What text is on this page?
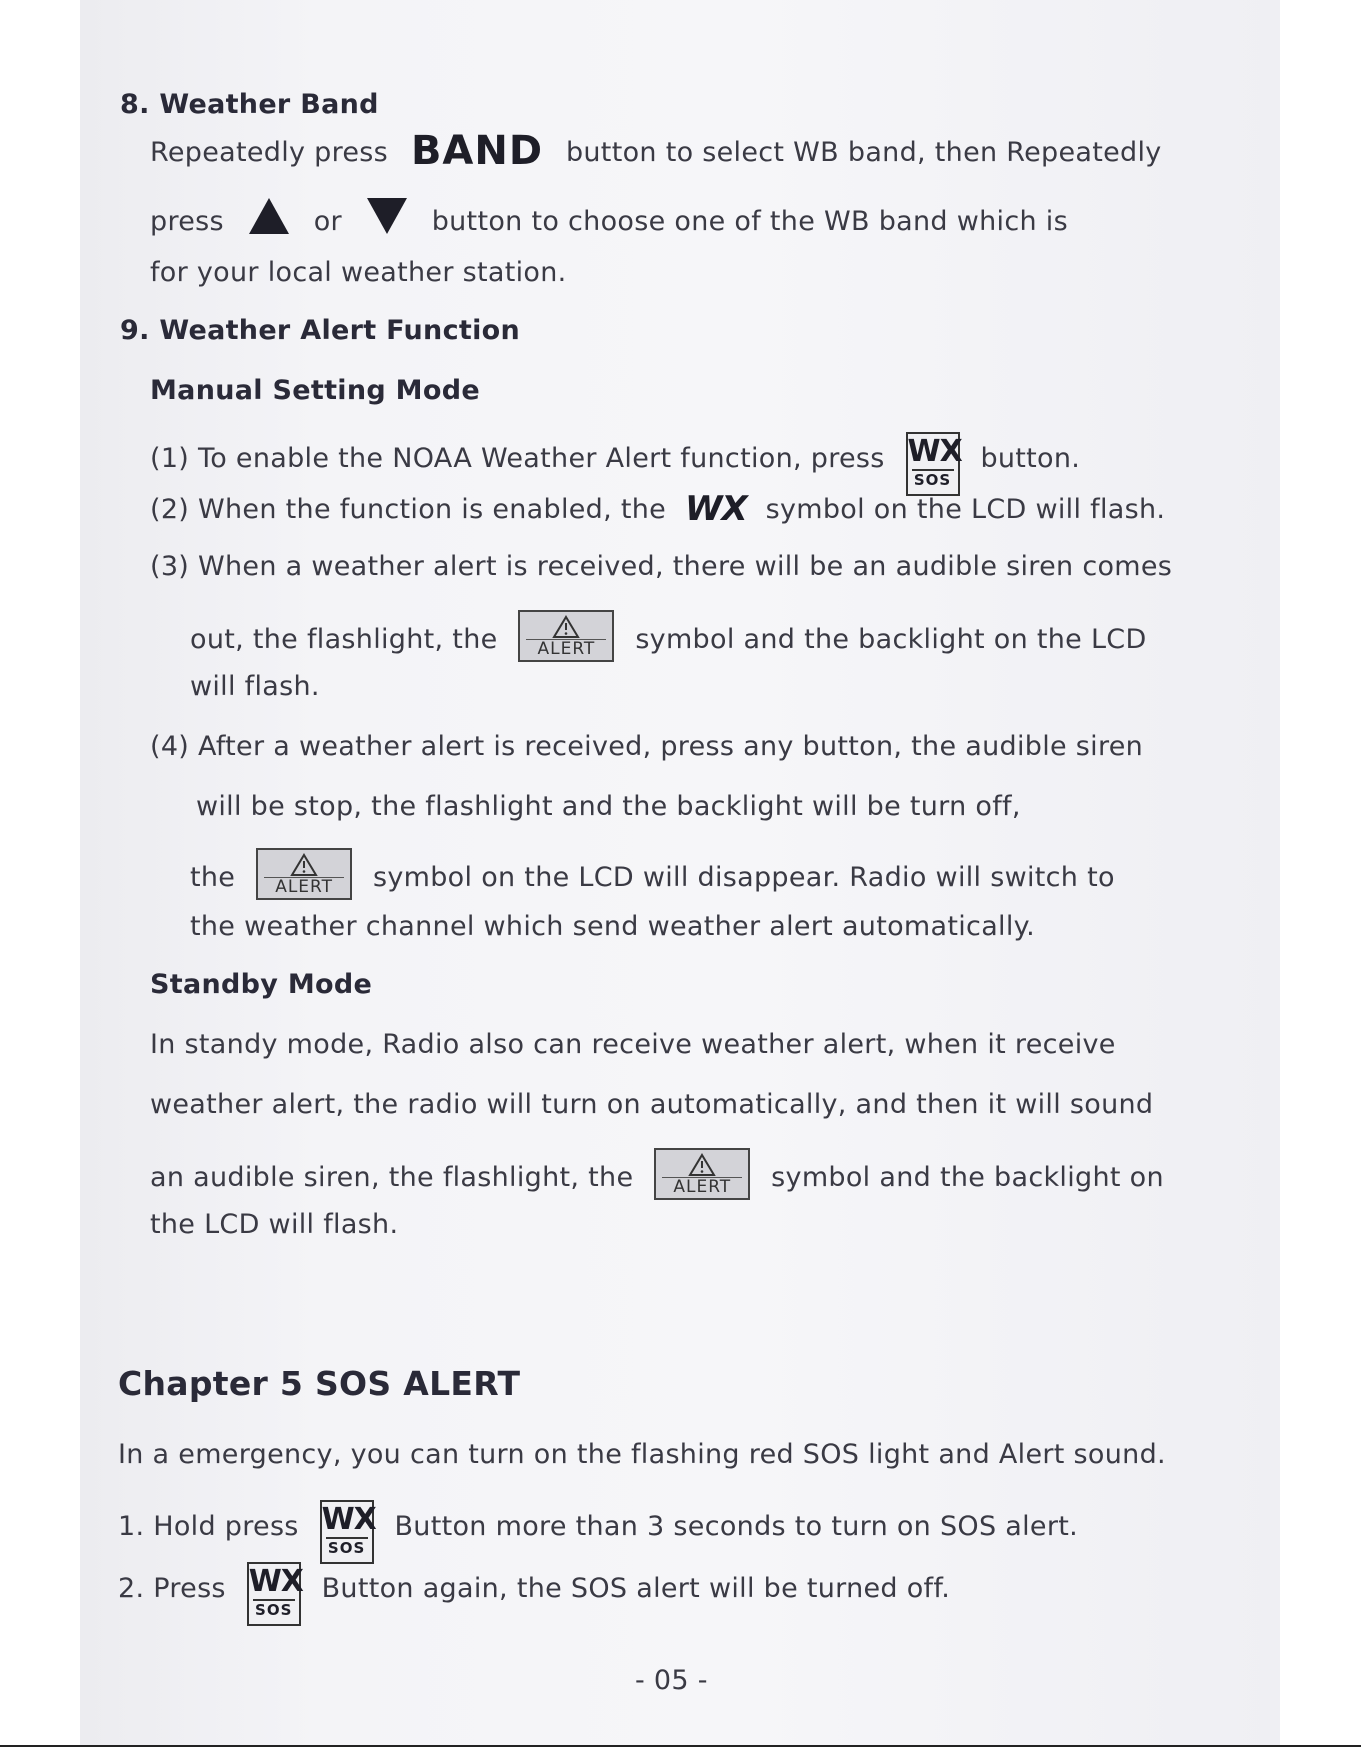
8. Weather Band
Repeatedly press BAND button to select WB band, then Repeatedly
press	or	button to choose one of the WB band which is
for your local weather station.
9. Weather Alert Function
Manual Setting Mode
(1) To enable the NOAA Weather Alert function, press WX
SOS
button.
(2) When the function is enabled, the WX symbol on the LCD will flash.
(3) When a weather alert is received, there will be an audible siren comes
out, the flashlight, the	ALERT	symbol and the backlight on the LCD
will flash.
(4) After a weather alert is received, press any button, the audible siren
will be stop, the flashlight and the backlight will be turn off,
the	ALERT	symbol on the LCD will disappear. Radio will switch to
the weather channel which send weather alert automatically.
Standby Mode
In standy mode, Radio also can receive weather alert, when it receive
weather alert, the radio will turn on automatically, and then it will sound
an audible siren, the flashlight, the	ALERT	symbol and the backlight on
the LCD will flash.
Chapter 5 SOS ALERT
In a emergency, you can turn on the flashing red SOS light and Alert sound.
1. Hold press WX
SOS
Button more than 3 seconds to turn on SOS alert.
2. Press WX
SOS
Button again, the SOS alert will be turned off.
- 05 -
